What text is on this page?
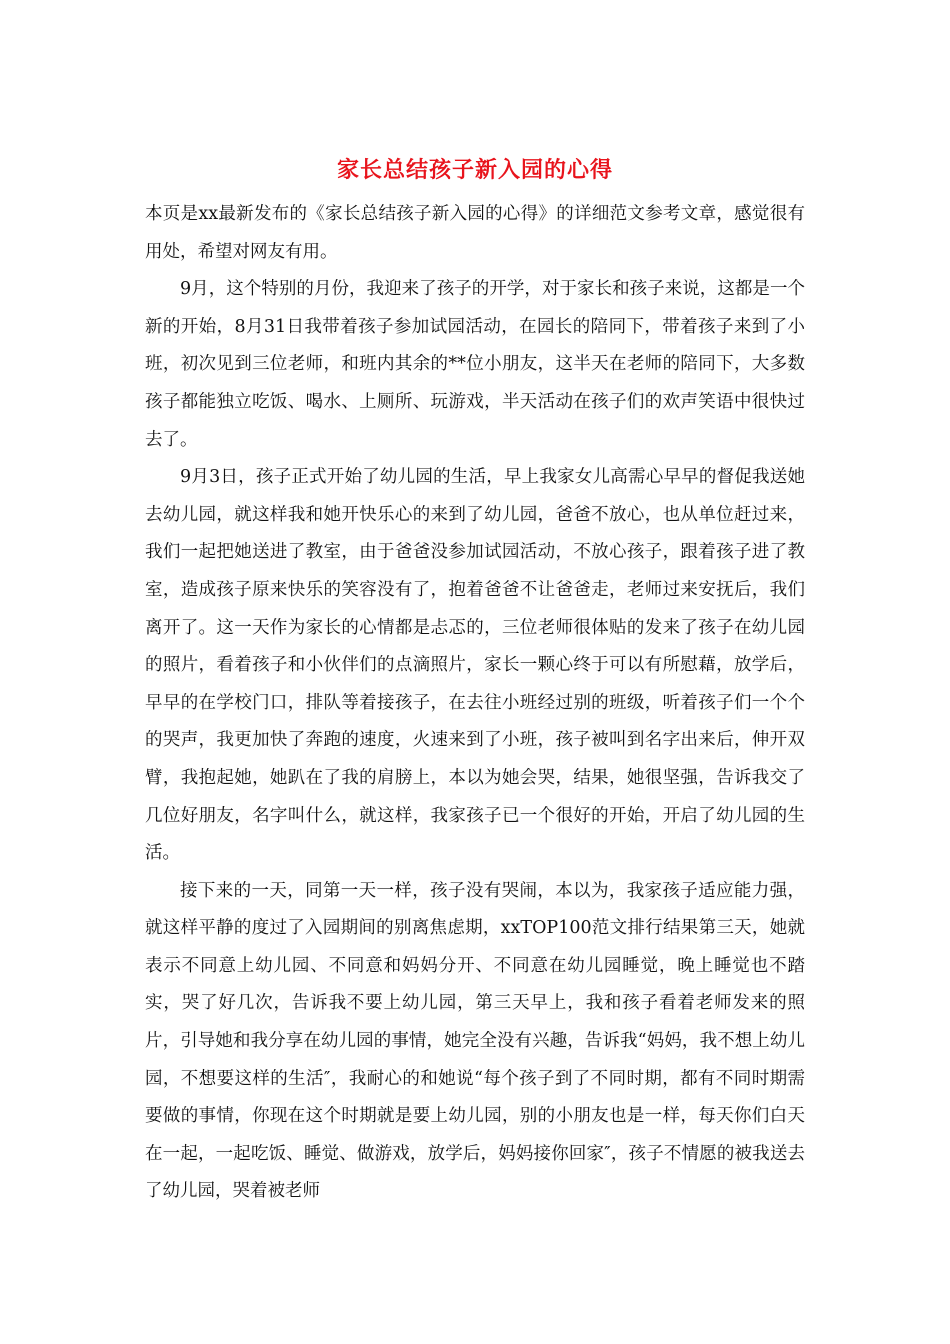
家长总结孩子新入园的心得

本页是xx最新发布的《家长总结孩子新入园的心得》的详细范文参考文章，感觉很有用处，希望对网友有用。

9月，这个特别的月份，我迎来了孩子的开学，对于家长和孩子来说，这都是一个新的开始，8月31日我带着孩子参加试园活动，在园长的陪同下，带着孩子来到了小班，初次见到三位老师，和班内其余的**位小朋友，这半天在老师的陪同下，大多数孩子都能独立吃饭、喝水、上厕所、玩游戏，半天活动在孩子们的欢声笑语中很快过去了。

9月3日，孩子正式开始了幼儿园的生活，早上我家女儿高需心早早的督促我送她去幼儿园，就这样我和她开快乐心的来到了幼儿园，爸爸不放心，也从单位赶过来，我们一起把她送进了教室，由于爸爸没参加试园活动，不放心孩子，跟着孩子进了教室，造成孩子原来快乐的笑容没有了，抱着爸爸不让爸爸走，老师过来安抚后，我们离开了。这一天作为家长的心情都是忐忑的，三位老师很体贴的发来了孩子在幼儿园的照片，看着孩子和小伙伴们的点滴照片，家长一颗心终于可以有所慰藉，放学后，早早的在学校门口，排队等着接孩子，在去往小班经过别的班级，听着孩子们一个个的哭声，我更加快了奔跑的速度，火速来到了小班，孩子被叫到名字出来后，伸开双臂，我抱起她，她趴在了我的肩膀上，本以为她会哭，结果，她很坚强，告诉我交了几位好朋友，名字叫什么，就这样，我家孩子已一个很好的开始，开启了幼儿园的生活。

接下来的一天，同第一天一样，孩子没有哭闹，本以为，我家孩子适应能力强，就这样平静的度过了入园期间的别离焦虑期，xxTOP100范文排行结果第三天，她就表示不同意上幼儿园、不同意和妈妈分开、不同意在幼儿园睡觉，晚上睡觉也不踏实，哭了好几次，告诉我不要上幼儿园，第三天早上，我和孩子看着老师发来的照片，引导她和我分享在幼儿园的事情，她完全没有兴趣，告诉我“妈妈，我不想上幼儿园，不想要这样的生活″，我耐心的和她说“每个孩子到了不同时期，都有不同时期需要做的事情，你现在这个时期就是要上幼儿园，别的小朋友也是一样，每天你们白天在一起，一起吃饭、睡觉、做游戏，放学后，妈妈接你回家″，孩子不情愿的被我送去了幼儿园，哭着被老师
